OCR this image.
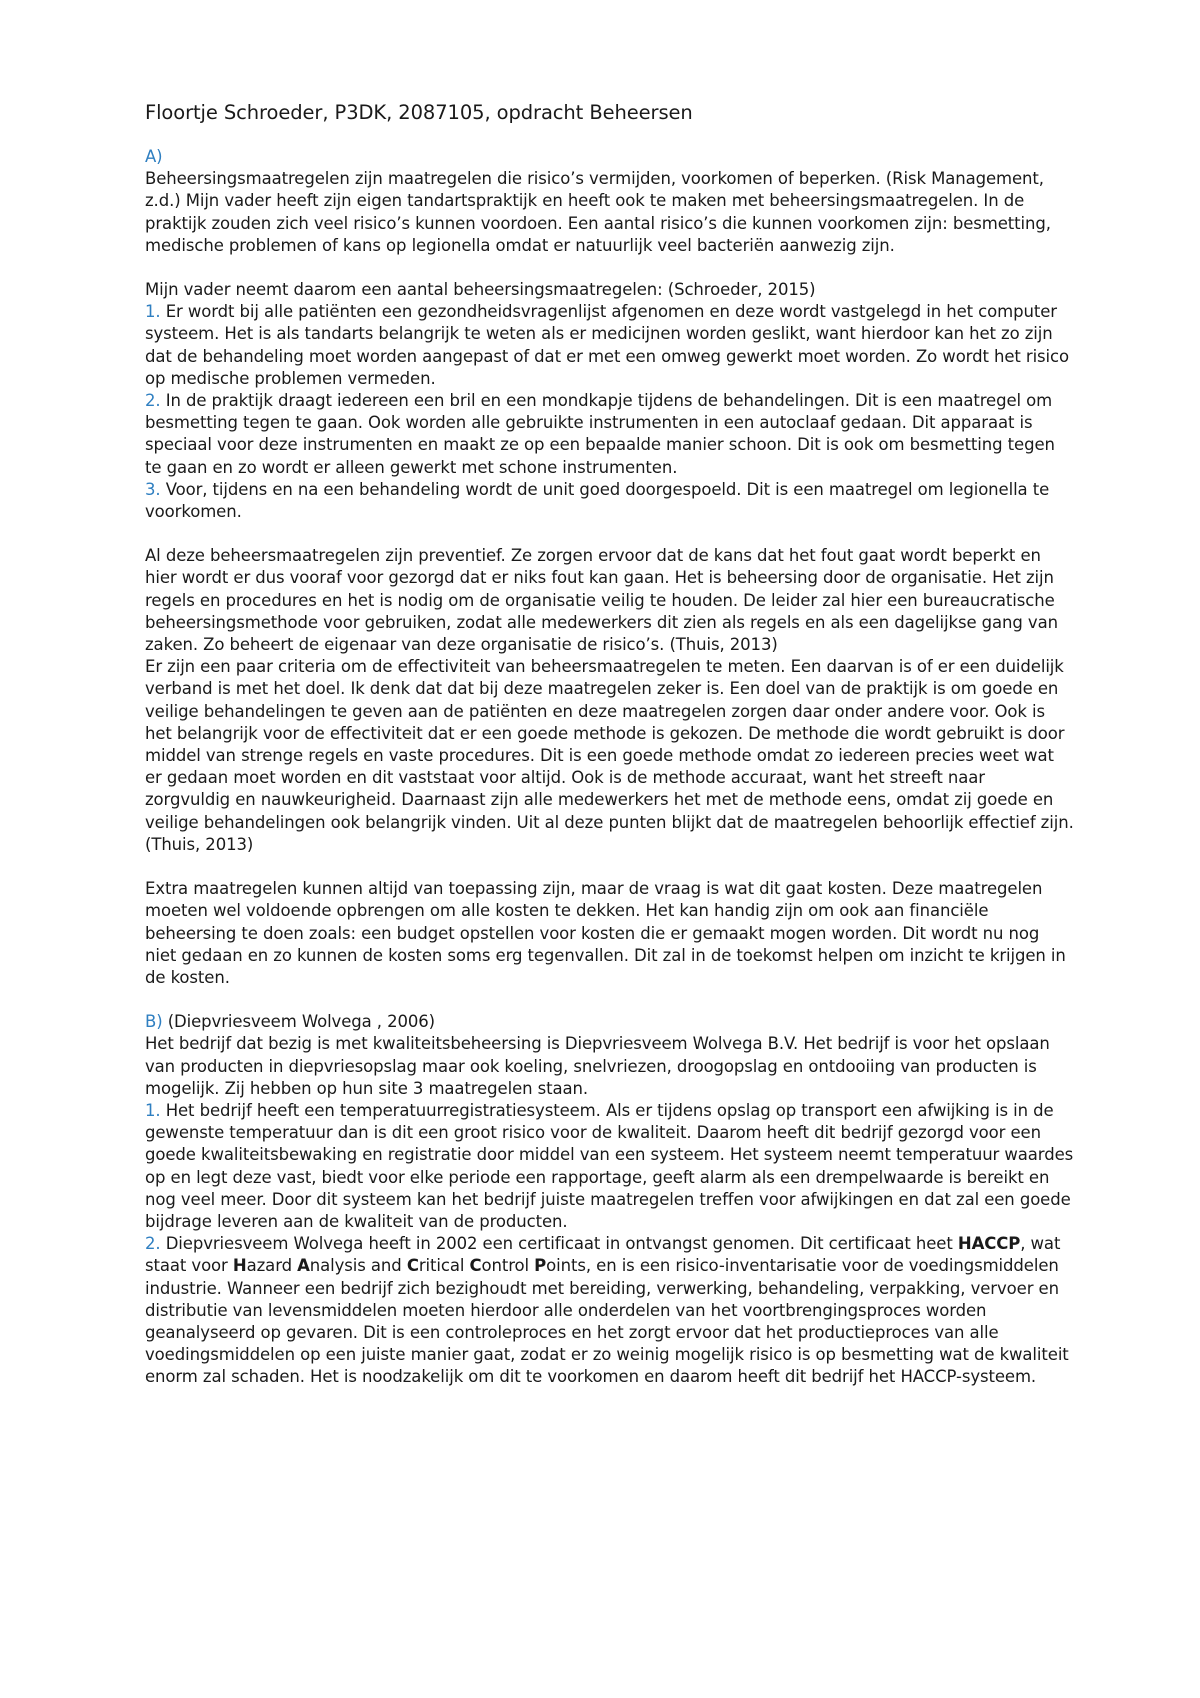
Floortje Schroeder, P3DK, 2087105, opdracht Beheersen

A)

Beheersingsmaatregelen zijn maatregelen die risico’s vermijden, voorkomen of beperken. (Risk Management, z.d.) Mijn vader heeft zijn eigen tandartspraktijk en heeft ook te maken met beheersingsmaatregelen. In de praktijk zouden zich veel risico’s kunnen voordoen. Een aantal risico’s die kunnen voorkomen zijn: besmetting, medische problemen of kans op legionella omdat er natuurlijk veel bacteriën aanwezig zijn.

Mijn vader neemt daarom een aantal beheersingsmaatregelen: (Schroeder, 2015)

1. Er wordt bij alle patiënten een gezondheidsvragenlijst afgenomen en deze wordt vastgelegd in het computer systeem. Het is als tandarts belangrijk te weten als er medicijnen worden geslikt, want hierdoor kan het zo zijn dat de behandeling moet worden aangepast of dat er met een omweg gewerkt moet worden. Zo wordt het risico op medische problemen vermeden.

2. In de praktijk draagt iedereen een bril en een mondkapje tijdens de behandelingen. Dit is een maatregel om besmetting tegen te gaan. Ook worden alle gebruikte instrumenten in een autoclaaf gedaan. Dit apparaat is speciaal voor deze instrumenten en maakt ze op een bepaalde manier schoon. Dit is ook om besmetting tegen te gaan en zo wordt er alleen gewerkt met schone instrumenten.

3. Voor, tijdens en na een behandeling wordt de unit goed doorgespoeld. Dit is een maatregel om legionella te voorkomen.

Al deze beheersmaatregelen zijn preventief. Ze zorgen ervoor dat de kans dat het fout gaat wordt beperkt en hier wordt er dus vooraf voor gezorgd dat er niks fout kan gaan. Het is beheersing door de organisatie. Het zijn regels en procedures en het is nodig om de organisatie veilig te houden. De leider zal hier een bureaucratische beheersingsmethode voor gebruiken, zodat alle medewerkers dit zien als regels en als een dagelijkse gang van zaken. Zo beheert de eigenaar van deze organisatie de risico’s. (Thuis, 2013)

Er zijn een paar criteria om de effectiviteit van beheersmaatregelen te meten. Een daarvan is of er een duidelijk verband is met het doel. Ik denk dat dat bij deze maatregelen zeker is. Een doel van de praktijk is om goede en veilige behandelingen te geven aan de patiënten en deze maatregelen zorgen daar onder andere voor. Ook is het belangrijk voor de effectiviteit dat er een goede methode is gekozen. De methode die wordt gebruikt is door middel van strenge regels en vaste procedures. Dit is een goede methode omdat zo iedereen precies weet wat er gedaan moet worden en dit vaststaat voor altijd. Ook is de methode accuraat, want het streeft naar zorgvuldig en nauwkeurigheid. Daarnaast zijn alle medewerkers het met de methode eens, omdat zij goede en veilige behandelingen ook belangrijk vinden. Uit al deze punten blijkt dat de maatregelen behoorlijk effectief zijn. (Thuis, 2013)

Extra maatregelen kunnen altijd van toepassing zijn, maar de vraag is wat dit gaat kosten. Deze maatregelen moeten wel voldoende opbrengen om alle kosten te dekken. Het kan handig zijn om ook aan financiële beheersing te doen zoals: een budget opstellen voor kosten die er gemaakt mogen worden. Dit wordt nu nog niet gedaan en zo kunnen de kosten soms erg tegenvallen. Dit zal in de toekomst helpen om inzicht te krijgen in de kosten.

B) (Diepvriesveem Wolvega , 2006)

Het bedrijf dat bezig is met kwaliteitsbeheersing is Diepvriesveem Wolvega B.V. Het bedrijf is voor het opslaan van producten in diepvriesopslag maar ook koeling, snelvriezen, droogopslag en ontdooiing van producten is mogelijk. Zij hebben op hun site 3 maatregelen staan.

1. Het bedrijf heeft een temperatuurregistratiesysteem. Als er tijdens opslag op transport een afwijking is in de gewenste temperatuur dan is dit een groot risico voor de kwaliteit. Daarom heeft dit bedrijf gezorgd voor een goede kwaliteitsbewaking en registratie door middel van een systeem. Het systeem neemt temperatuur waardes op en legt deze vast, biedt voor elke periode een rapportage, geeft alarm als een drempelwaarde is bereikt en nog veel meer. Door dit systeem kan het bedrijf juiste maatregelen treffen voor afwijkingen en dat zal een goede bijdrage leveren aan de kwaliteit van de producten.

2. Diepvriesveem Wolvega heeft in 2002 een certificaat in ontvangst genomen. Dit certificaat heet HACCP, wat staat voor Hazard Analysis and Critical Control Points, en is een risico-inventarisatie voor de voedingsmiddelen industrie. Wanneer een bedrijf zich bezighoudt met bereiding, verwerking, behandeling, verpakking, vervoer en distributie van levensmiddelen moeten hierdoor alle onderdelen van het voortbrengingsproces worden geanalyseerd op gevaren. Dit is een controleproces en het zorgt ervoor dat het productieproces van alle voedingsmiddelen op een juiste manier gaat, zodat er zo weinig mogelijk risico is op besmetting wat de kwaliteit enorm zal schaden. Het is noodzakelijk om dit te voorkomen en daarom heeft dit bedrijf het HACCP-systeem.
